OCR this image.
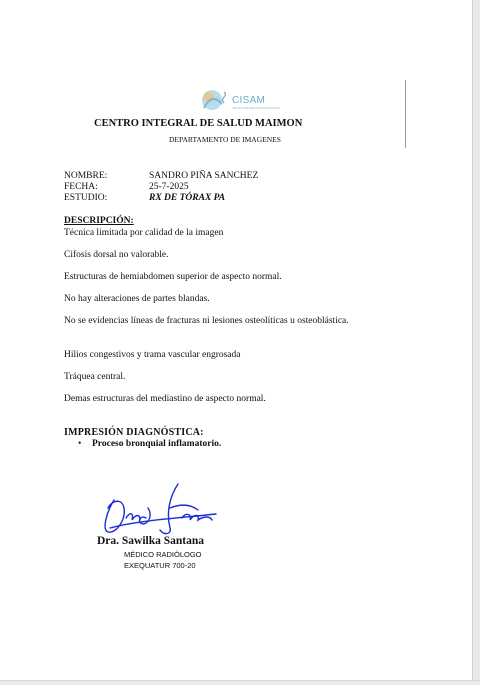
CISAM
CENTRO INTEGRAL DE SALUD MAIMON
CENTRO INTEGRAL DE SALUD MAIMON
DEPARTAMENTO DE IMAGENES
NOMBRE:	SANDRO PIÑA SANCHEZ
FECHA:	25-7-2025
ESTUDIO:	RX DE TÓRAX PA
DESCRIPCIÓN:
Técnica limitada por calidad de la imagen
Cifosis dorsal no valorable.
Estructuras de hemiabdomen superior de aspecto normal.
No hay alteraciones de partes blandas.
No se evidencias líneas de fracturas ni lesiones osteolíticas u osteoblástica.
Hilios congestivos y trama vascular engrosada
Tráquea central.
Demas estructuras del mediastino de aspecto normal.
IMPRESIÓN DIAGNÓSTICA:
• Proceso bronquial inflamatorio.
Dra. Sawilka Santana
MÉDICO RADIÓLOGO
EXEQUATUR 700-20
